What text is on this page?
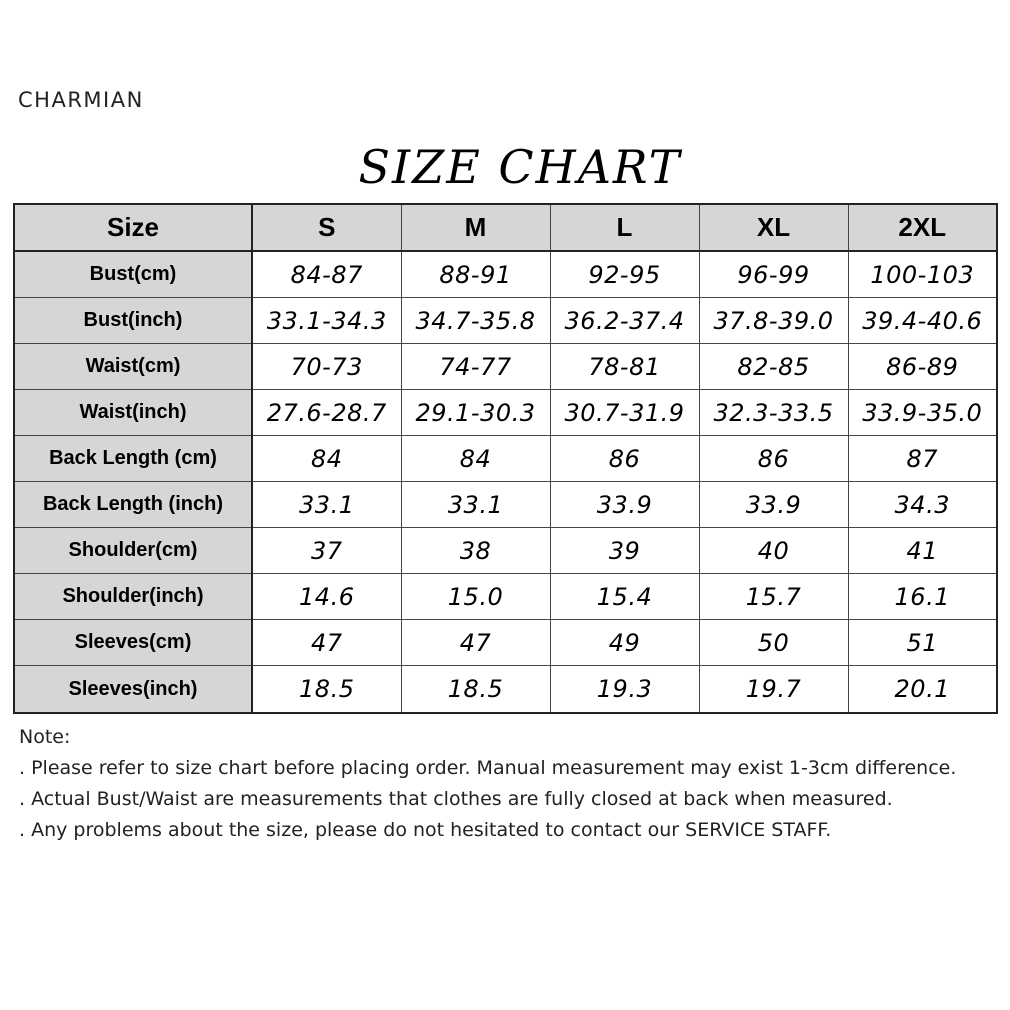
CHARMIAN
SIZE CHART
Size	S	M	L	XL	2XL
Bust(cm)	84-87	88-91	92-95	96-99	100-103
Bust(inch)	33.1-34.3	34.7-35.8	36.2-37.4	37.8-39.0	39.4-40.6
Waist(cm)	70-73	74-77	78-81	82-85	86-89
Waist(inch)	27.6-28.7	29.1-30.3	30.7-31.9	32.3-33.5	33.9-35.0
Back Length (cm)	84	84	86	86	87
Back Length (inch)	33.1	33.1	33.9	33.9	34.3
Shoulder(cm)	37	38	39	40	41
Shoulder(inch)	14.6	15.0	15.4	15.7	16.1
Sleeves(cm)	47	47	49	50	51
Sleeves(inch)	18.5	18.5	19.3	19.7	20.1

Note:

. Please refer to size chart before placing order. Manual measurement may exist 1-3cm difference.

. Actual Bust/Waist are measurements that clothes are fully closed at back when measured.

. Any problems about the size, please do not hesitated to contact our SERVICE STAFF.
